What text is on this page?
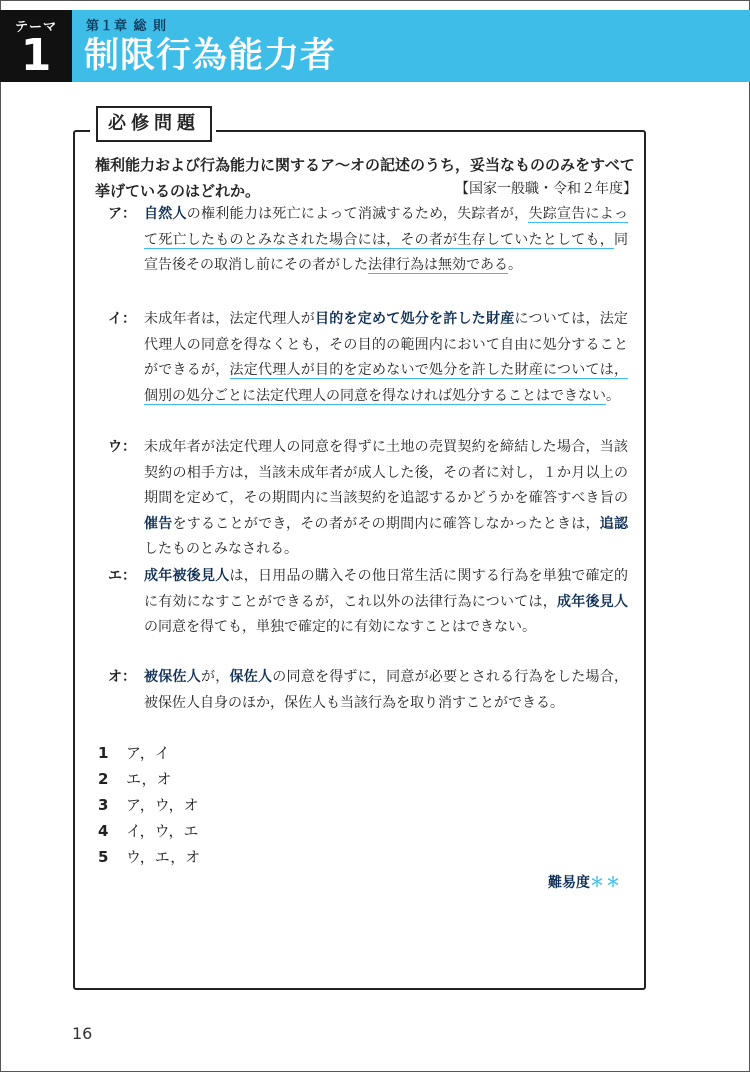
テーマ
1
第１章 総 則
制限行為能力者
必修問題
権利能力および行為能力に関するア～オの記述のうち，妥当なもののみをすべて挙げているのはどれか。	【国家一般職・令和２年度】
ア： 自然人の権利能力は死亡によって消滅するため，失踪者が，失踪宣告によって死亡したものとみなされた場合には，その者が生存していたとしても，同宣告後その取消し前にその者がした法律行為は無効である。
イ： 未成年者は，法定代理人が目的を定めて処分を許した財産については，法定代理人の同意を得なくとも，その目的の範囲内において自由に処分することができるが，法定代理人が目的を定めないで処分を許した財産については，個別の処分ごとに法定代理人の同意を得なければ処分することはできない。
ウ： 未成年者が法定代理人の同意を得ずに土地の売買契約を締結した場合，当該契約の相手方は，当該未成年者が成人した後，その者に対し，１か月以上の期間を定めて，その期間内に当該契約を追認するかどうかを確答すべき旨の催告をすることができ，その者がその期間内に確答しなかったときは，追認したものとみなされる。
エ： 成年被後見人は，日用品の購入その他日常生活に関する行為を単独で確定的に有効になすことができるが，これ以外の法律行為については，成年後見人の同意を得ても，単独で確定的に有効になすことはできない。
オ： 被保佐人が，保佐人の同意を得ずに，同意が必要とされる行為をした場合，被保佐人自身のほか，保佐人も当該行為を取り消すことができる。
1 ア，イ
2 エ，オ
3 ア，ウ，オ
4 イ，ウ，エ
5 ウ，エ，オ
難易度＊＊
16
